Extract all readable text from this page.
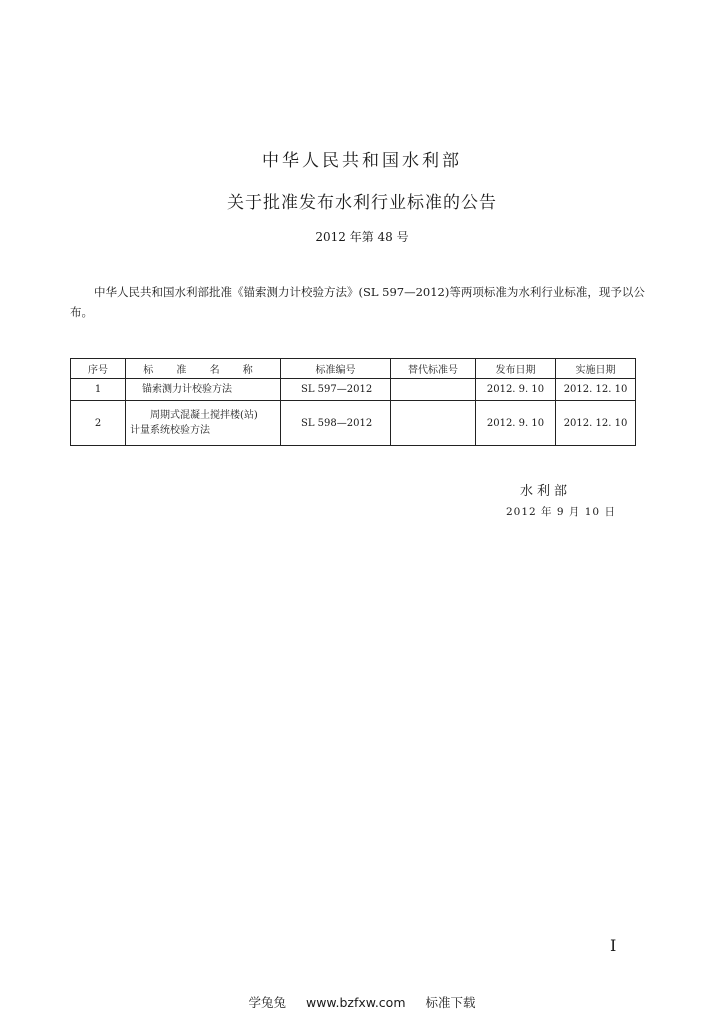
中华人民共和国水利部
关于批准发布水利行业标准的公告
2012 年第 48 号
中华人民共和国水利部批准《锚索测力计校验方法》(SL 597—2012)等两项标准为水利行业标准，现予以公布。
序号	标 准 名 称	标准编号	替代标准号	发布日期	实施日期
1	锚索测力计校验方法	SL 597—2012		2012. 9. 10	2012. 12. 10
2	周期式混凝土搅拌楼(站)
计量系统校验方法	SL 598—2012		2012. 9. 10	2012. 12. 10
水利部
2012 年 9 月 10 日
I
学兔兔 www.bzfxw.com 标准下载
